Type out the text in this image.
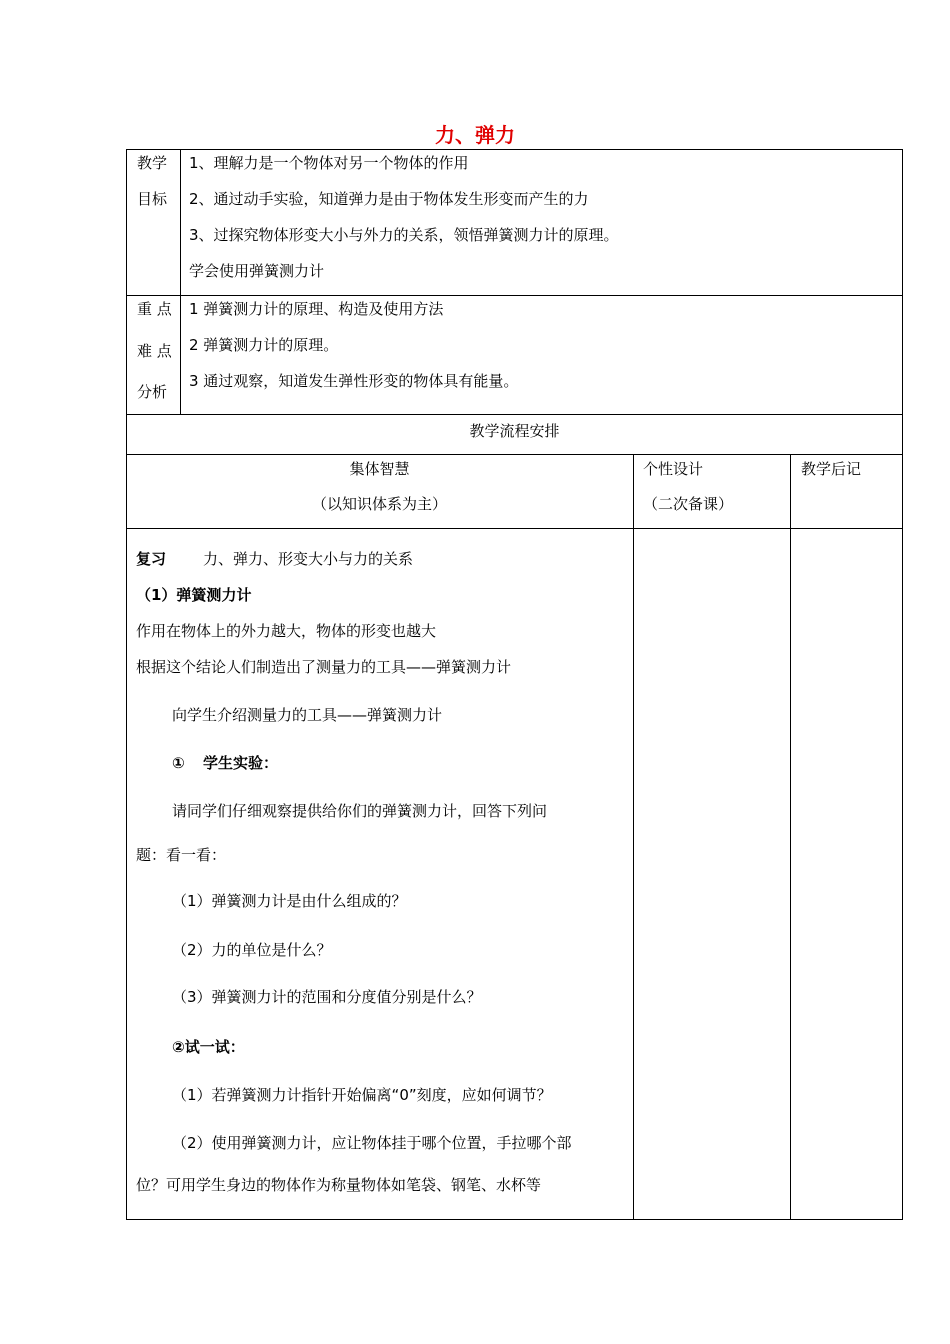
力、弹力
教学
目标
1、理解力是一个物体对另一个物体的作用
2、通过动手实验，知道弹力是由于物体发生形变而产生的力
3、过探究物体形变大小与外力的关系，领悟弹簧测力计的原理。
学会使用弹簧测力计
重 点
难 点
分析
1 弹簧测力计的原理、构造及使用方法
2 弹簧测力计的原理。
3 通过观察，知道发生弹性形变的物体具有能量。
教学流程安排
集体智慧
（以知识体系为主）
个性设计
（二次备课）
教学后记
复习 力、弹力、形变大小与力的关系
（1）弹簧测力计
作用在物体上的外力越大，物体的形变也越大
根据这个结论人们制造出了测量力的工具——弹簧测力计
向学生介绍测量力的工具——弹簧测力计
① 学生实验：
请同学们仔细观察提供给你们的弹簧测力计，回答下列问
题：看一看：
（1）弹簧测力计是由什么组成的？
（2）力的单位是什么？
（3）弹簧测力计的范围和分度值分别是什么？
②试一试：
（1）若弹簧测力计指针开始偏离“0”刻度，应如何调节？
（2）使用弹簧测力计，应让物体挂于哪个位置，手拉哪个部
位？可用学生身边的物体作为称量物体如笔袋、钢笔、水杯等
